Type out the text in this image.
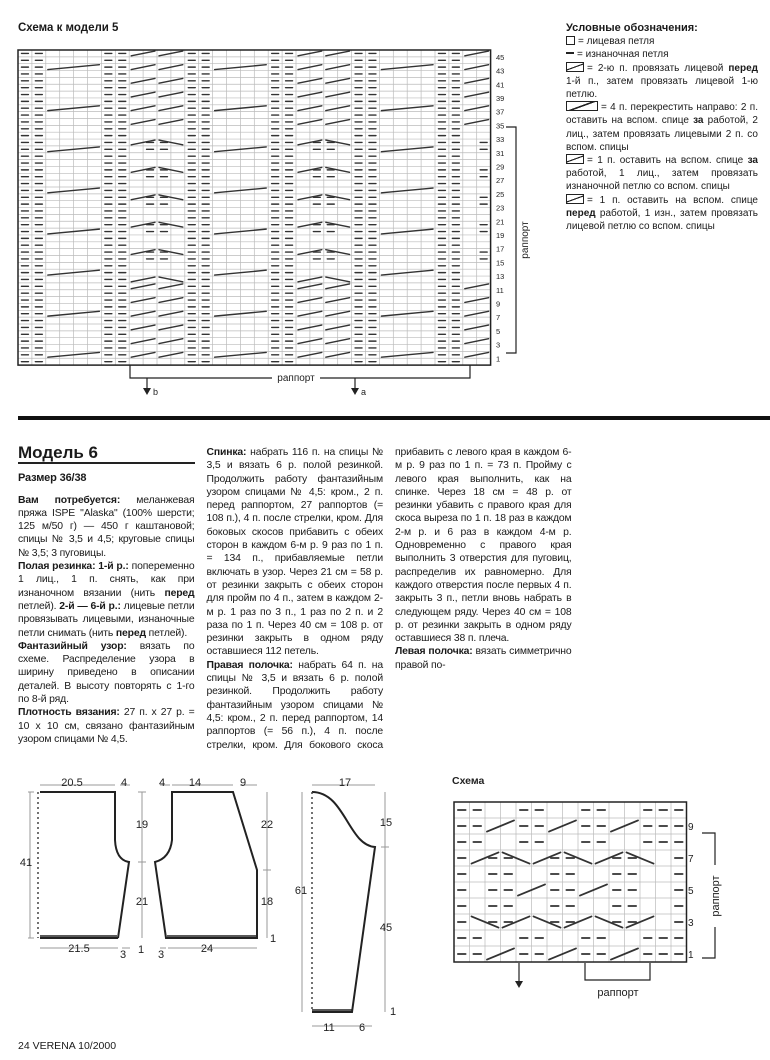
Схема к модели 5
45
43
41
39
37
35
33
31
29
27
25
23
21
19
17
15
13
11
9
7
5
3
1
раппорт
раппорт
b	a
Условные обозначения:
= лицевая петля
= изнаночная петля
= 2-ю п. провязать лицевой перед 1-й п., затем провязать лицевой 1-ю петлю.
= 4 п. перекрестить направо: 2 п. оставить на вспом. спице за работой, 2 лиц., затем провязать лицевыми 2 п. со вспом. спицы
= 1 п. оставить на вспом. спице за работой, 1 лиц., затем провязать изнаночной петлю со вспом. спицы
= 1 п. оставить на вспом. спице перед работой, 1 изн., затем провязать лицевой петлю со вспом. спицы
Модель 6
Размер 36/38

Вам потребуется: меланжевая пряжа ISPE "Alaska" (100% шерсти; 125 м/50 г) — 450 г каштановой; спицы № 3,5 и 4,5; круговые спицы № 3,5; 3 пуговицы.

Полая резинка: 1-й р.: попеременно 1 лиц., 1 п. снять, как при изнаночном вязании (нить перед петлей). 2-й — 6-й р.: лицевые петли провязывать лицевыми, изнаночные петли снимать (нить перед петлей).

Фантазийный узор: вязать по схеме. Распределение узора в ширину приведено в описании деталей. В высоту повторять с 1-го по 8-й ряд.

Плотность вязания: 27 п. х 27 р. = 10 х 10 см, связано фантазийным узором спицами № 4,5.

Спинка: набрать 116 п. на спицы № 3,5 и вязать 6 р. полой резинкой. Продолжить работу фантазийным узором спицами № 4,5: кром., 2 п. перед раппортом, 27 раппортов (= 108 п.), 4 п. после стрелки, кром. Для боковых скосов прибавить с обеих сторон в каждом 6-м р. 9 раз по 1 п. = 134 п., прибавляемые петли включать в узор. Через 21 см = 58 р. от резинки закрыть с обеих сторон для пройм по 4 п., затем в каждом 2-м р. 1 раз по 3 п., 1 раз по 2 п. и 2 раза по 1 п. Через 40 см = 108 р. от резинки закрыть в одном ряду оставшиеся 112 петель.

Правая полочка: набрать 64 п. на спицы № 3,5 и вязать 6 р. полой резинкой. Продолжить работу фантазийным узором спицами № 4,5: кром., 2 п. перед раппортом, 14 раппортов (= 56 п.), 4 п. после стрелки, кром. Для бокового скоса прибавить с левого края в каждом 6-м р. 9 раз по 1 п. = 73 п. Пройму с левого края выполнить, как на спинке. Через 18 см = 48 р. от резинки убавить с правого края для скоса выреза по 1 п. 18 раз в каждом 2-м р. и 6 раз в каждом 4-м р. Одновременно с правого края выполнить 3 отверстия для пуговиц, распределив их равномерно. Для каждого отверстия после первых 4 п. закрыть 3 п., петли вновь набрать в следующем ряду. Через 40 см = 108 р. от резинки закрыть в одном ряду оставшиеся 38 п. плеча.

Левая полочка: вязать симметрично правой по-

20.5	4	4 14	9	17
41
19
21
1
22
18
1
21.5	3	3	24
61
15
45
1
11 6
Схема
9
7
5
3
1
раппорт
раппорт
24 VERENA 10/2000
